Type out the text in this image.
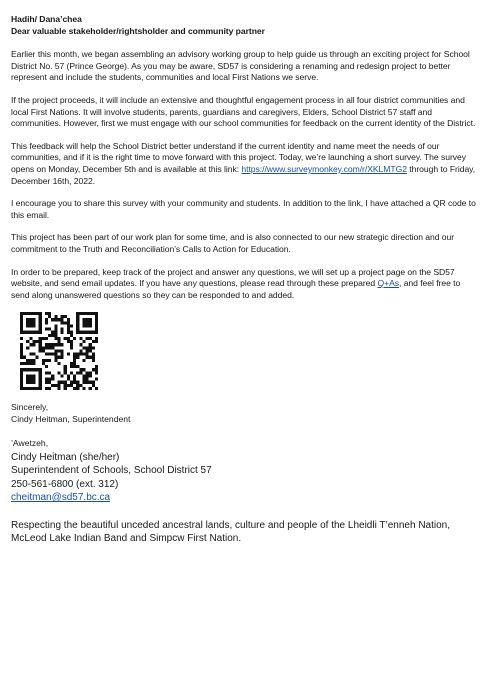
Hadih/ Dana’chea
Dear valuable stakeholder/rightsholder and community partner

Earlier this month, we began assembling an advisory working group to help guide us through an exciting project for School District No. 57 (Prince George). As you may be aware, SD57 is considering a renaming and redesign project to better represent and include the students, communities and local First Nations we serve.

If the project proceeds, it will include an extensive and thoughtful engagement process in all four district communities and local First Nations. It will involve students, parents, guardians and caregivers, Elders, School District 57 staff and communities. However, first we must engage with our school communities for feedback on the current identity of the District.

This feedback will help the School District better understand if the current identity and name meet the needs of our communities, and if it is the right time to move forward with this project. Today, we’re launching a short survey. The survey opens on Monday, December 5th and is available at this link: https://www.surveymonkey.com/r/XKLMTG2 through to Friday, December 16th, 2022.

I encourage you to share this survey with your community and students. In addition to the link, I have attached a QR code to this email.

This project has been part of our work plan for some time, and is also connected to our new strategic direction and our commitment to the Truth and Reconciliation’s Calls to Action for Education.

In order to be prepared, keep track of the project and answer any questions, we will set up a project page on the SD57 website, and send email updates. If you have any questions, please read through these prepared Q+As, and feel free to send along unanswered questions so they can be responded to and added.

Sincerely,
Cindy Heitman, Superintendent
’Awetzeh,
Cindy Heitman (she/her)
Superintendent of Schools, School District 57
250-561-6800 (ext. 312)
cheitman@sd57.bc.ca

Respecting the beautiful unceded ancestral lands, culture and people of the Lheidli T’enneh Nation, McLeod Lake Indian Band and Simpcw First Nation.
